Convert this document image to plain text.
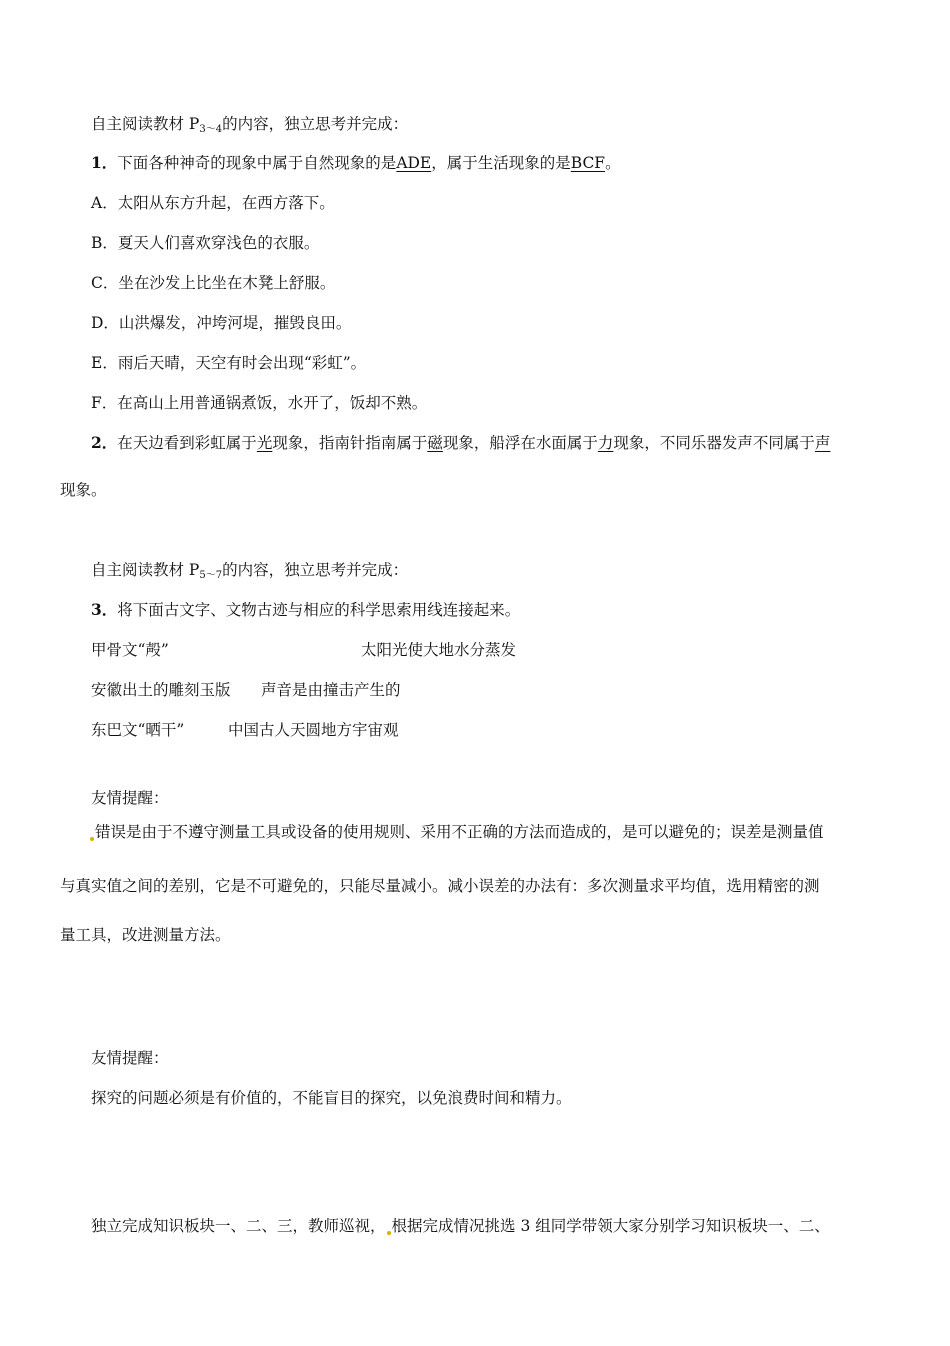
自主阅读教材 $P_{3\sim 4}$的内容，独立思考并完成：
1．下面各种神奇的现象中属于自然现象的是ADE，属于生活现象的是BCF。
A．太阳从东方升起，在西方落下。
B．夏天人们喜欢穿浅色的衣服。
C．坐在沙发上比坐在木凳上舒服。
D．山洪爆发，冲垮河堤，摧毁良田。
E．雨后天晴，天空有时会出现“彩虹”。
F．在高山上用普通锅煮饭，水开了，饭却不熟。
2．在天边看到彩虹属于光现象，指南针指南属于磁现象，船浮在水面属于力现象，不同乐器发声不同属于声
现象。
自主阅读教材 $P_{5\sim 7}$的内容，独立思考并完成：
3．将下面古文字、文物古迹与相应的科学思索用线连接起来。
甲骨文“殸”	太阳光使大地水分蒸发
安徽出土的雕刻玉版 声音是由撞击产生的
东巴文“晒干”	中国古人天圆地方宇宙观
友情提醒：
错误是由于不遵守测量工具或设备的使用规则、采用不正确的方法而造成的，是可以避免的；误差是测量值
与真实值之间的差别，它是不可避免的，只能尽量减小。减小误差的办法有：多次测量求平均值，选用精密的测
量工具，改进测量方法。
友情提醒：
探究的问题必须是有价值的，不能盲目的探究，以免浪费时间和精力。
独立完成知识板块一、二、三，教师巡视， 根据完成情况挑选 3 组同学带领大家分别学习知识板块一、二、
